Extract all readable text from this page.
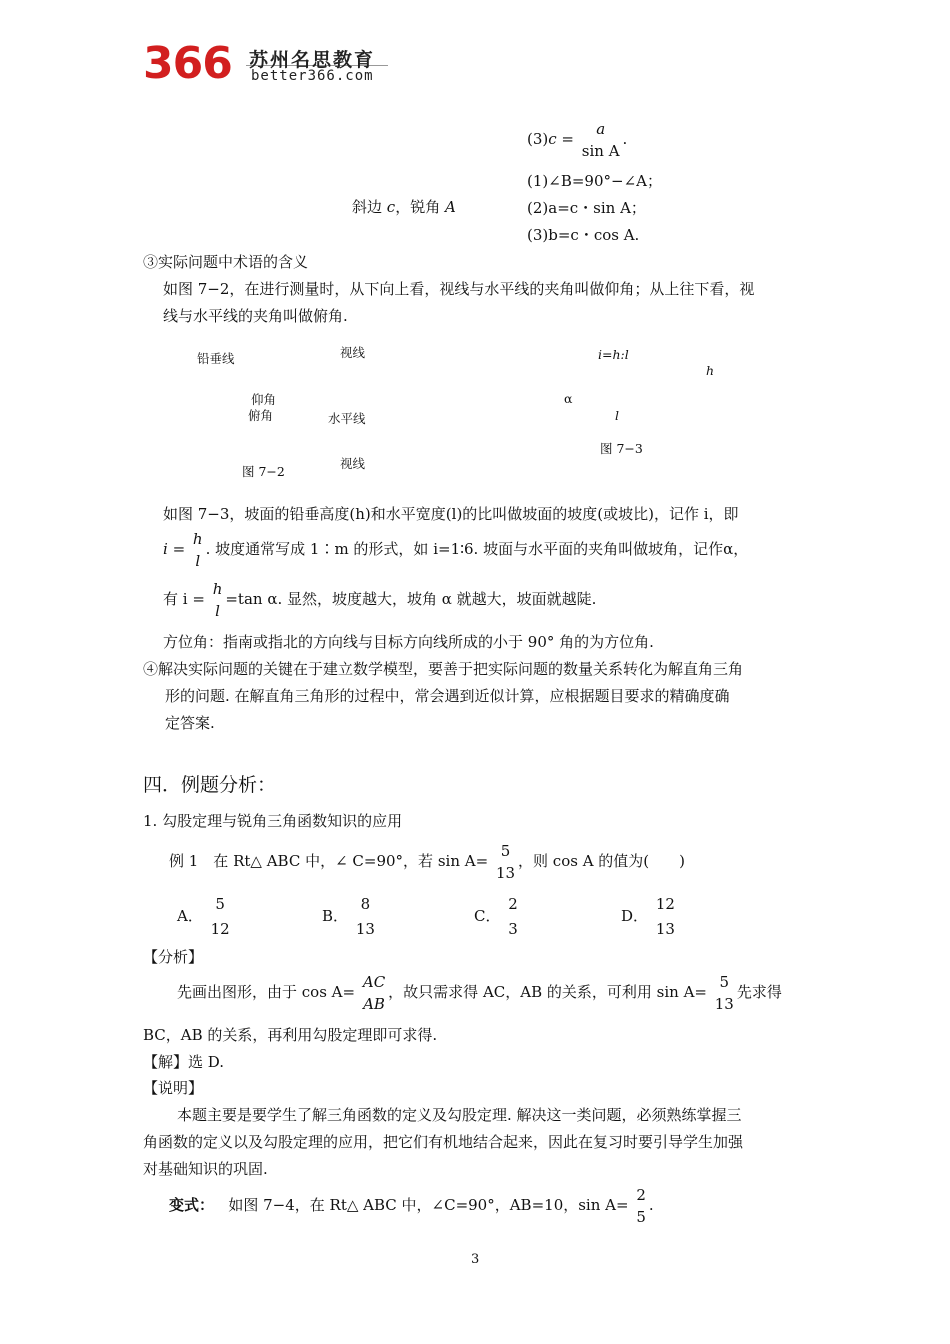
366 苏州名思教育
better366.com
(3)c =
a
sin A
.
斜边 c，锐角 A
(1)∠B=90°−∠A；
(2)a=c・sin A；
(3)b=c・cos A.
③实际问题中术语的含义
如图 7−2，在进行测量时，从下向上看，视线与水平线的夹角叫做仰角；从上往下看，视
线与水平线的夹角叫做俯角.
铅垂线	视线
仰角
俯角	水平线
视线
图 7−2
i=h:l
h
α
l
图 7−3
如图 7−3，坡面的铅垂高度(h)和水平宽度(l)的比叫做坡面的坡度(或坡比)，记作 i，即
i =
h
l
. 坡度通常写成 1∶m 的形式，如 i=1∶6. 坡面与水平面的夹角叫做坡角，记作α，
有 i =
h
l
=tan α. 显然，坡度越大，坡角 α 就越大，坡面就越陡.
方位角：指南或指北的方向线与目标方向线所成的小于 90° 角的为方位角.
④解决实际问题的关键在于建立数学模型，要善于把实际问题的数量关系转化为解直角三角
形的问题. 在解直角三角形的过程中，常会遇到近似计算，应根据题目要求的精确度确
定答案.
四．例题分析：
1. 勾股定理与锐角三角函数知识的应用
例 1　在 Rt△ ABC 中，∠ C=90°，若 sin A=
5
13
，则 cos A 的值为(　　)
A．
5
12
B．
8
13
C．
2
3
D．
12
13
【分析】
先画出图形，由于 cos A=
AC
AB
，故只需求得 AC，AB 的关系，可利用 sin A=
5
13
先求得
BC，AB 的关系，再利用勾股定理即可求得.
【解】选 D.
【说明】
本题主要是要学生了解三角函数的定义及勾股定理. 解决这一类问题，必须熟练掌握三
角函数的定义以及勾股定理的应用，把它们有机地结合起来，因此在复习时要引导学生加强
对基础知识的巩固.
变式： 如图 7−4，在 Rt△ ABC 中，∠C=90°，AB=10，sin A=
2
5
.
3
